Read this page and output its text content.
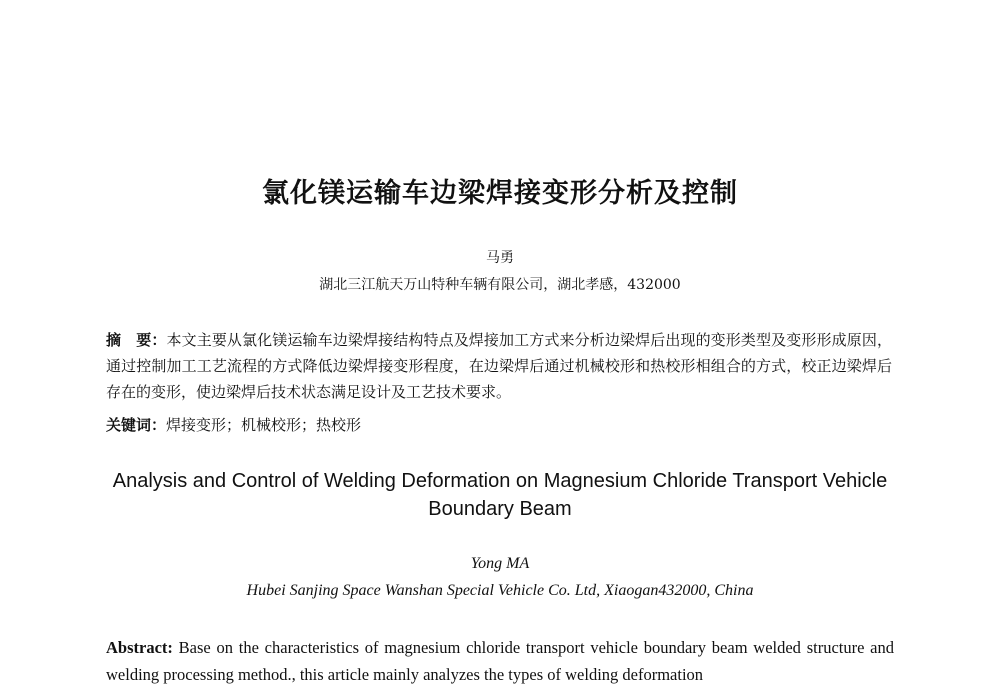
氯化镁运输车边梁焊接变形分析及控制
马勇
湖北三江航天万山特种车辆有限公司，湖北孝感，432000
摘　要：本文主要从氯化镁运输车边梁焊接结构特点及焊接加工方式来分析边梁焊后出现的变形类型及变形形成原因，通过控制加工工艺流程的方式降低边梁焊接变形程度，在边梁焊后通过机械校形和热校形相组合的方式，校正边梁焊后存在的变形，使边梁焊后技术状态满足设计及工艺技术要求。
关键词：焊接变形；机械校形；热校形
Analysis and Control of Welding Deformation on Magnesium Chloride Transport Vehicle Boundary Beam
Yong MA
Hubei Sanjing Space Wanshan Special Vehicle Co. Ltd, Xiaogan432000, China
Abstract: Base on the characteristics of magnesium chloride transport vehicle boundary beam welded structure and welding processing method., this article mainly analyzes the types of welding deformation
